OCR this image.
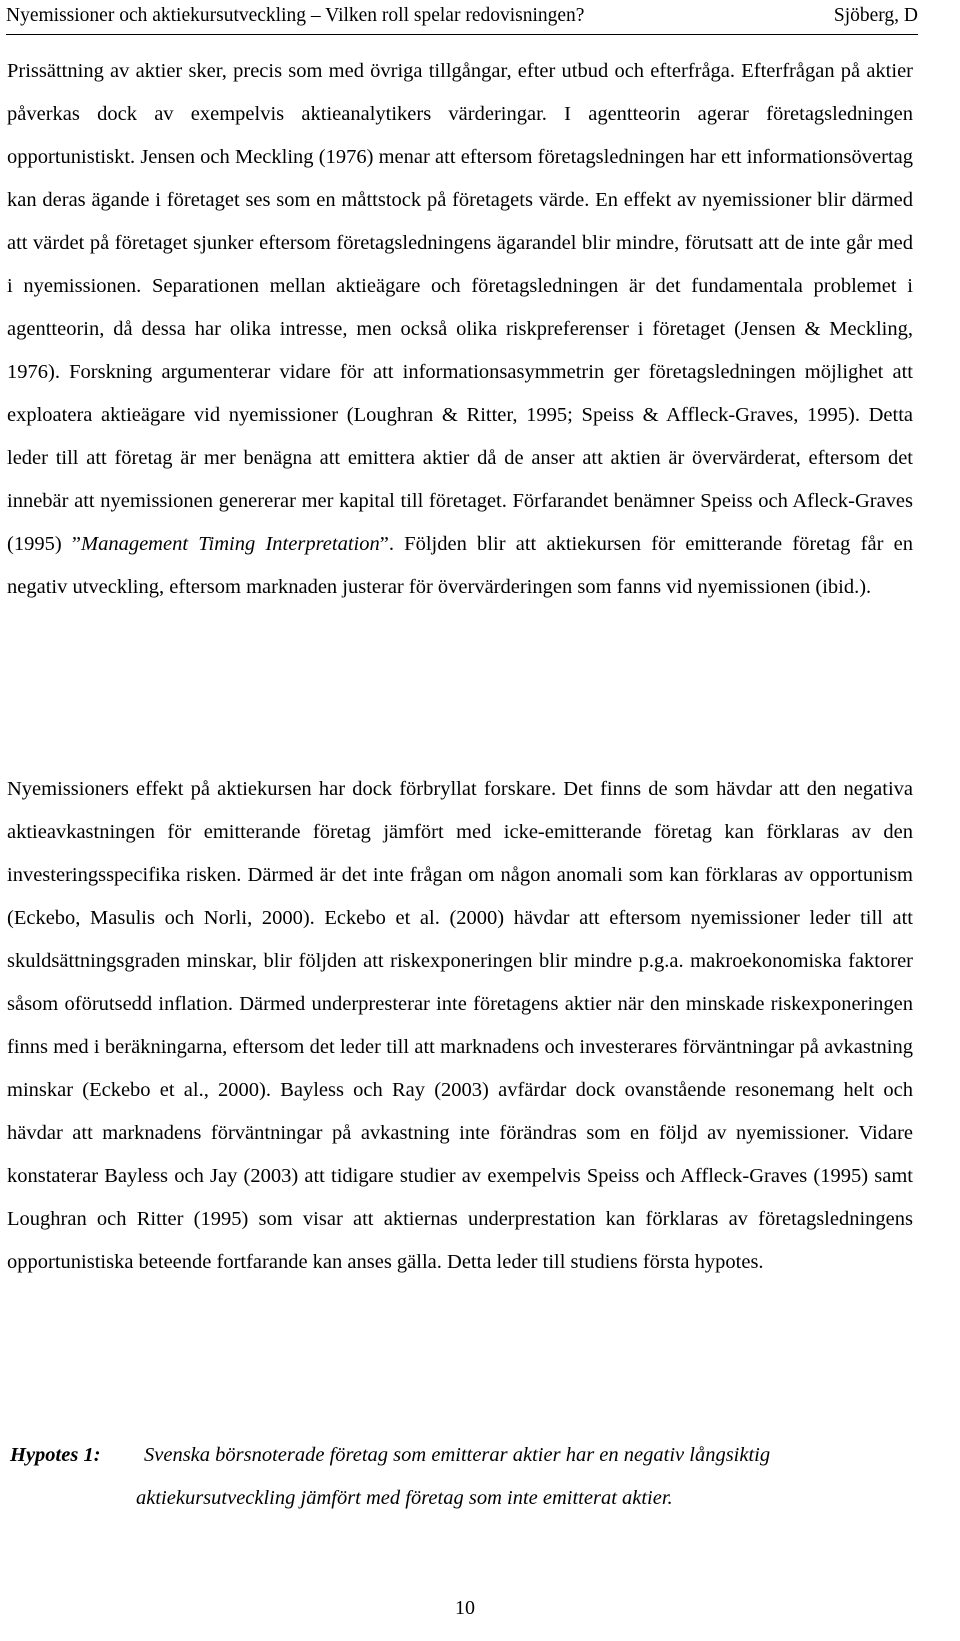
Nyemissioner och aktiekursutveckling – Vilken roll spelar redovisningen?	Sjöberg, D

Prissättning av aktier sker, precis som med övriga tillgångar, efter utbud och efterfråga. Efterfrågan på aktier påverkas dock av exempelvis aktieanalytikers värderingar. I agentteorin agerar företagsledningen opportunistiskt. Jensen och Meckling (1976) menar att eftersom företagsledningen har ett informationsövertag kan deras ägande i företaget ses som en måttstock på företagets värde. En effekt av nyemissioner blir därmed att värdet på företaget sjunker eftersom företagsledningens ägarandel blir mindre, förutsatt att de inte går med i nyemissionen. Separationen mellan aktieägare och företagsledningen är det fundamentala problemet i agentteorin, då dessa har olika intresse, men också olika riskpreferenser i företaget (Jensen & Meckling, 1976). Forskning argumenterar vidare för att informationsasymmetrin ger företagsledningen möjlighet att exploatera aktieägare vid nyemissioner (Loughran & Ritter, 1995; Speiss & Affleck-Graves, 1995). Detta leder till att företag är mer benägna att emittera aktier då de anser att aktien är övervärderat, eftersom det innebär att nyemissionen genererar mer kapital till företaget. Förfarandet benämner Speiss och Afleck-Graves (1995) ”Management Timing Interpretation”. Följden blir att aktiekursen för emitterande företag får en negativ utveckling, eftersom marknaden justerar för övervärderingen som fanns vid nyemissionen (ibid.).

Nyemissioners effekt på aktiekursen har dock förbryllat forskare. Det finns de som hävdar att den negativa aktieavkastningen för emitterande företag jämfört med icke-emitterande företag kan förklaras av den investeringsspecifika risken. Därmed är det inte frågan om någon anomali som kan förklaras av opportunism (Eckebo, Masulis och Norli, 2000). Eckebo et al. (2000) hävdar att eftersom nyemissioner leder till att skuldsättningsgraden minskar, blir följden att riskexponeringen blir mindre p.g.a. makroekonomiska faktorer såsom oförutsedd inflation. Därmed underpresterar inte företagens aktier när den minskade riskexponeringen finns med i beräkningarna, eftersom det leder till att marknadens och investerares förväntningar på avkastning minskar (Eckebo et al., 2000). Bayless och Ray (2003) avfärdar dock ovanstående resonemang helt och hävdar att marknadens förväntningar på avkastning inte förändras som en följd av nyemissioner. Vidare konstaterar Bayless och Jay (2003) att tidigare studier av exempelvis Speiss och Affleck-Graves (1995) samt Loughran och Ritter (1995) som visar att aktiernas underprestation kan förklaras av företagsledningens opportunistiska beteende fortfarande kan anses gälla. Detta leder till studiens första hypotes.

Hypotes 1:	Svenska börsnoterade företag som emitterar aktier har en negativ långsiktig
aktiekursutveckling jämfört med företag som inte emitterat aktier.
10
